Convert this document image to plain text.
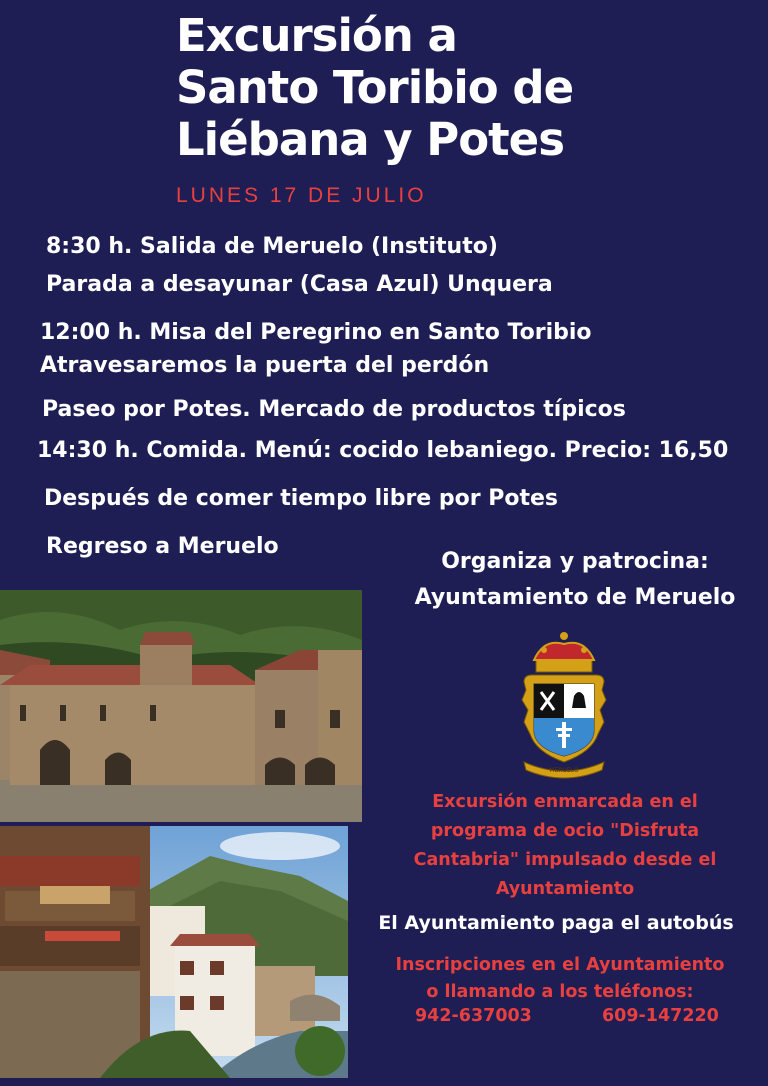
Excursión a
Santo Toribio de
Liébana y Potes
LUNES 17 DE JULIO
8:30 h. Salida de Meruelo (Instituto)
Parada a desayunar (Casa Azul) Unquera
12:00 h. Misa del Peregrino en Santo Toribio
Atravesaremos la puerta del perdón
Paseo por Potes. Mercado de productos típicos
14:30 h. Comida. Menú: cocido lebaniego. Precio: 16,50
Después de comer tiempo libre por Potes
Regreso a Meruelo
Organiza y patrocina:
Ayuntamiento de Meruelo
MERUELO
Excursión enmarcada en el
programa de ocio "Disfruta
Cantabria" impulsado desde el
Ayuntamiento
El Ayuntamiento paga el autobús
Inscripciones en el Ayuntamiento
o llamando a los teléfonos:
942-637003	609-147220
